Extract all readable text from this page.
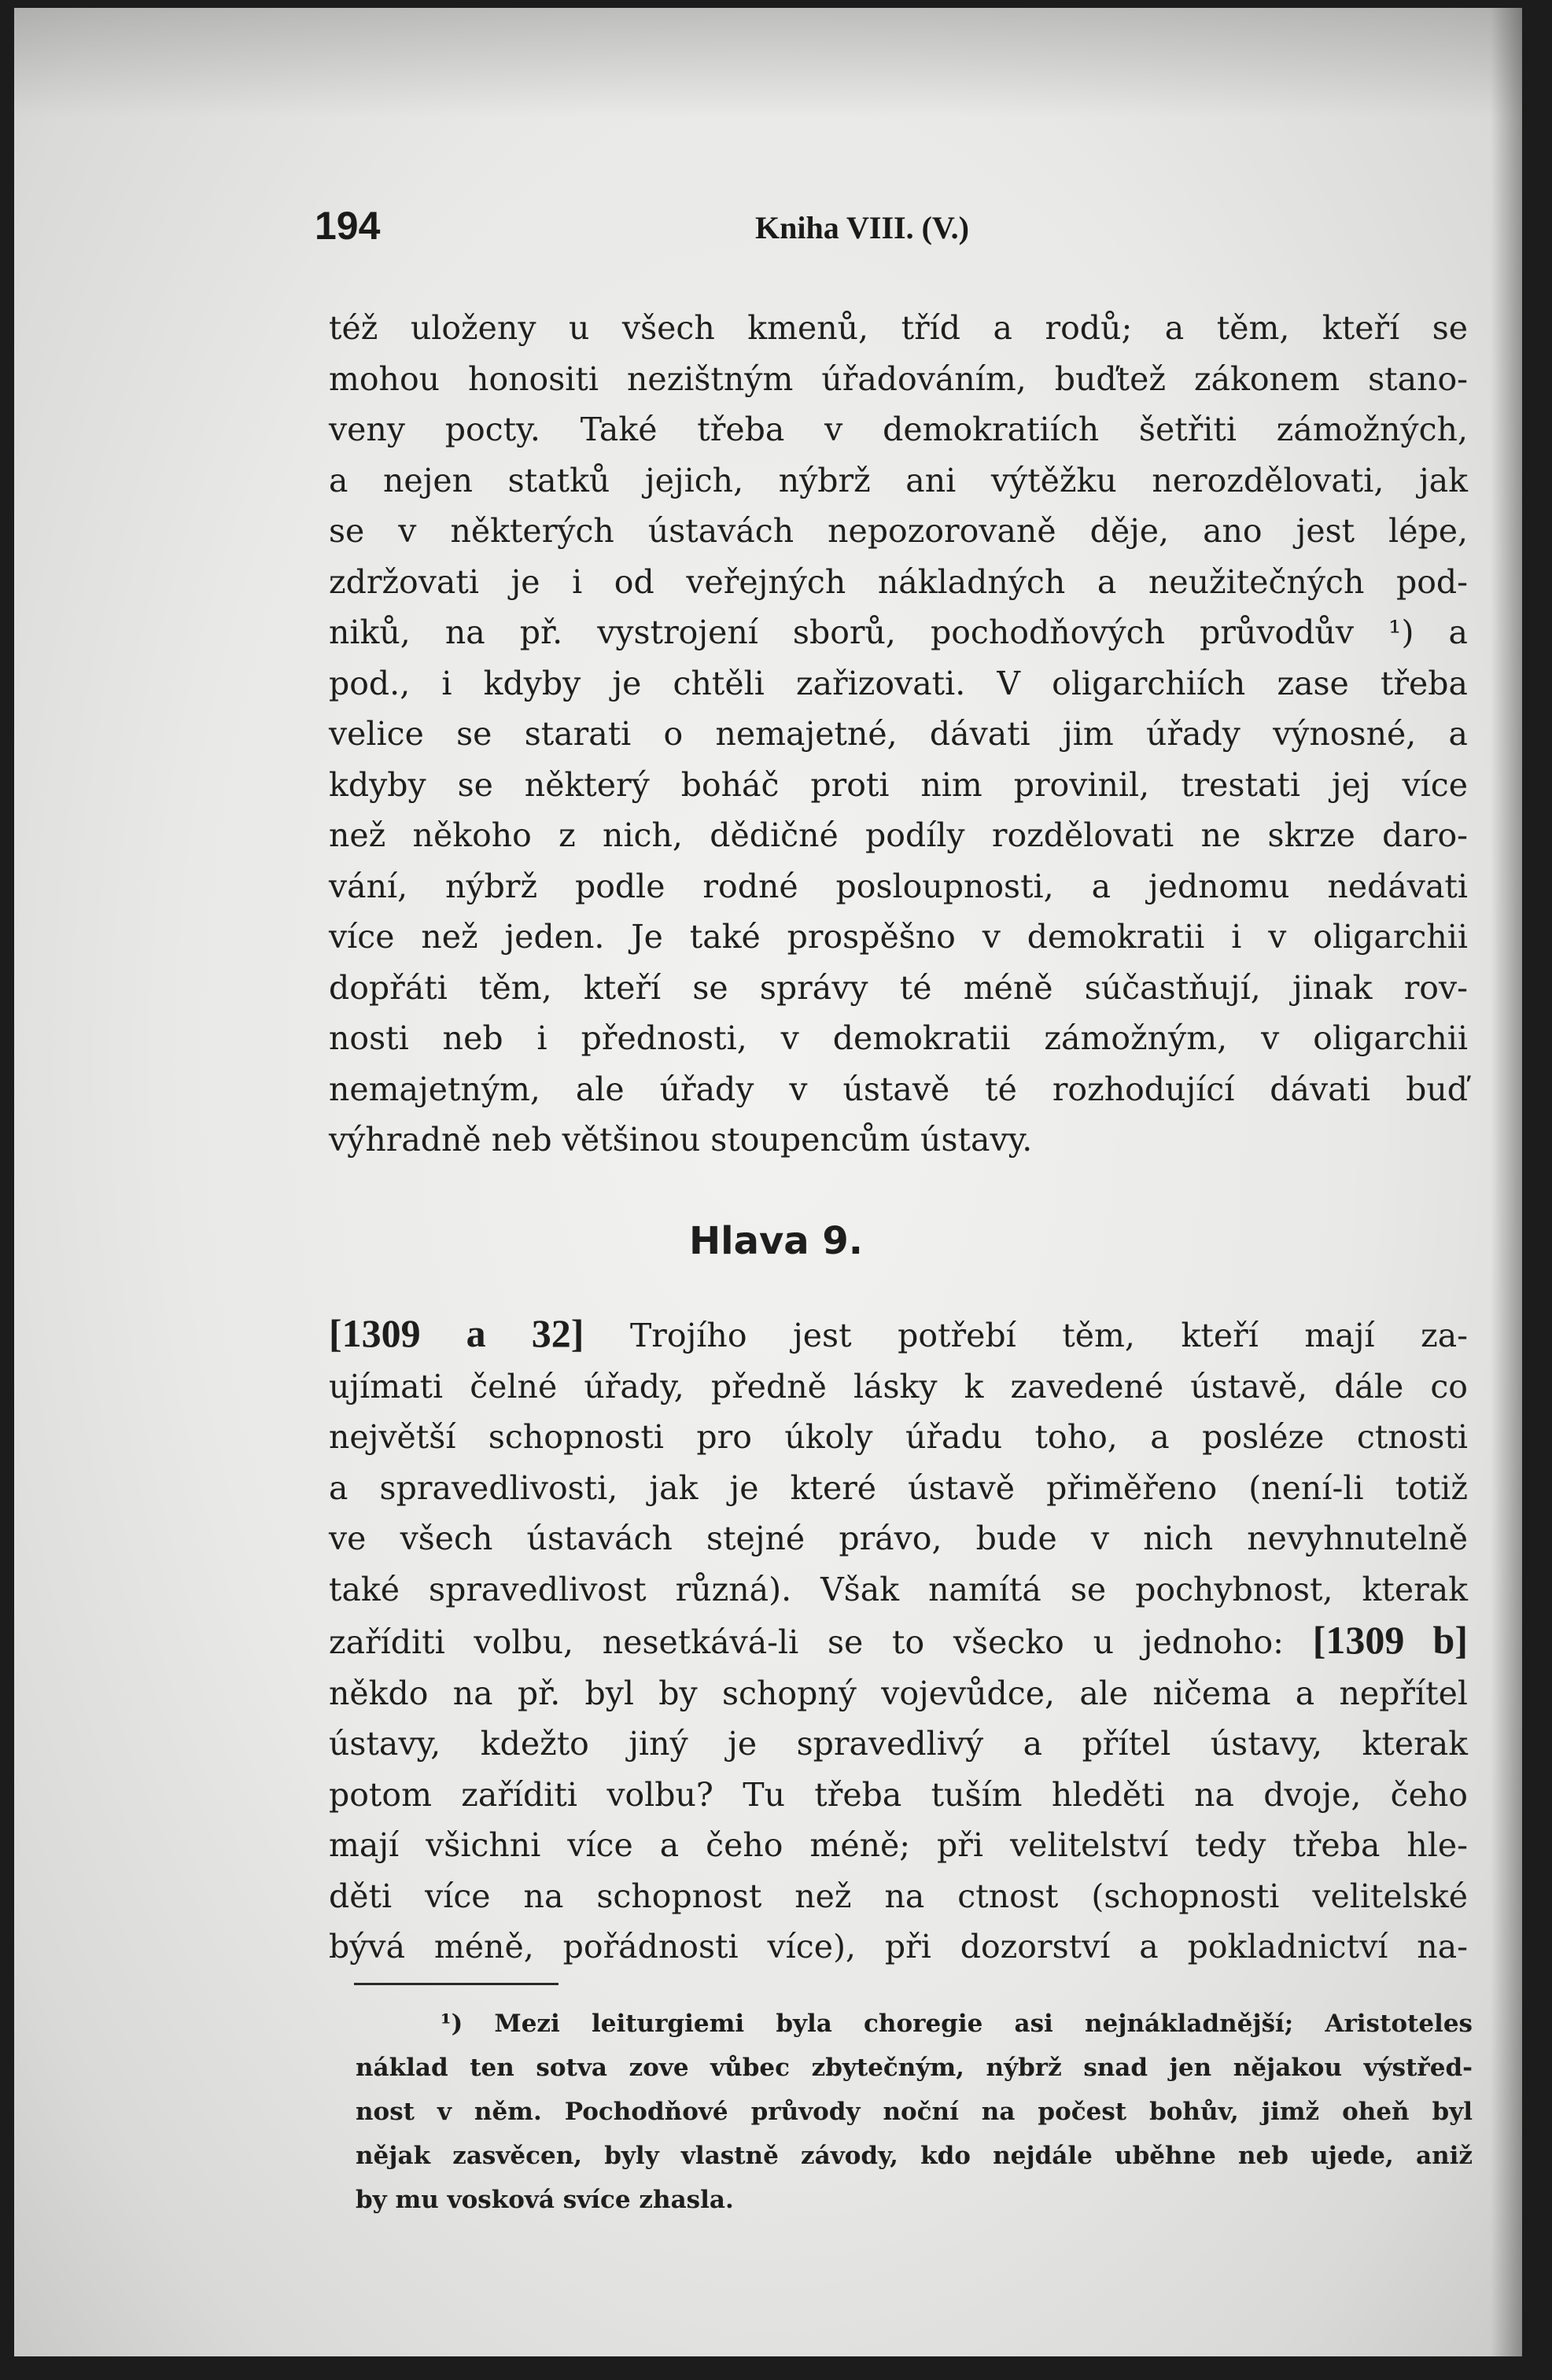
194	Kniha VIII. (V.)
též uloženy u všech kmenů, tříd a rodů; a těm, kteří se
mohou honositi nezištným úřadováním, buďtež zákonem stano-
veny pocty. Také třeba v demokratiích šetřiti zámožných,
a nejen statků jejich, nýbrž ani výtěžku nerozdělovati, jak
se v některých ústavách nepozorovaně děje, ano jest lépe,
zdržovati je i od veřejných nákladných a neužitečných pod-
niků, na př. vystrojení sborů, pochodňových průvodův ¹) a
pod., i kdyby je chtěli zařizovati. V oligarchiích zase třeba
velice se starati o nemajetné, dávati jim úřady výnosné, a
kdyby se některý boháč proti nim provinil, trestati jej více
než někoho z nich, dědičné podíly rozdělovati ne skrze daro-
vání, nýbrž podle rodné posloupnosti, a jednomu nedávati
více než jeden. Je také prospěšno v demokratii i v oligarchii
dopřáti těm, kteří se správy té méně súčastňují, jinak rov-
nosti neb i přednosti, v demokratii zámožným, v oligarchii
nemajetným, ale úřady v ústavě té rozhodující dávati buď
výhradně neb většinou stoupencům ústavy.
Hlava 9.
[1309 a 32] Trojího jest potřebí těm, kteří mají za-
ujímati čelné úřady, předně lásky k zavedené ústavě, dále co
největší schopnosti pro úkoly úřadu toho, a posléze ctnosti
a spravedlivosti, jak je které ústavě přiměřeno (není-li totiž
ve všech ústavách stejné právo, bude v nich nevyhnutelně
také spravedlivost různá). Však namítá se pochybnost, kterak
zaříditi volbu, nesetkává-li se to všecko u jednoho: [1309 b]
někdo na př. byl by schopný vojevůdce, ale ničema a nepřítel
ústavy, kdežto jiný je spravedlivý a přítel ústavy, kterak
potom zaříditi volbu? Tu třeba tuším hleděti na dvoje, čeho
mají všichni více a čeho méně; při velitelství tedy třeba hle-
děti více na schopnost než na ctnost (schopnosti velitelské
bývá méně, pořádnosti více), při dozorství a pokladnictví na-
¹) Mezi leiturgiemi byla choregie asi nejnákladnější; Aristoteles
náklad ten sotva zove vůbec zbytečným, nýbrž snad jen nějakou výstřed-
nost v něm. Pochodňové průvody noční na počest bohův, jimž oheň byl
nějak zasvěcen, byly vlastně závody, kdo nejdále uběhne neb ujede, aniž
by mu vosková svíce zhasla.
